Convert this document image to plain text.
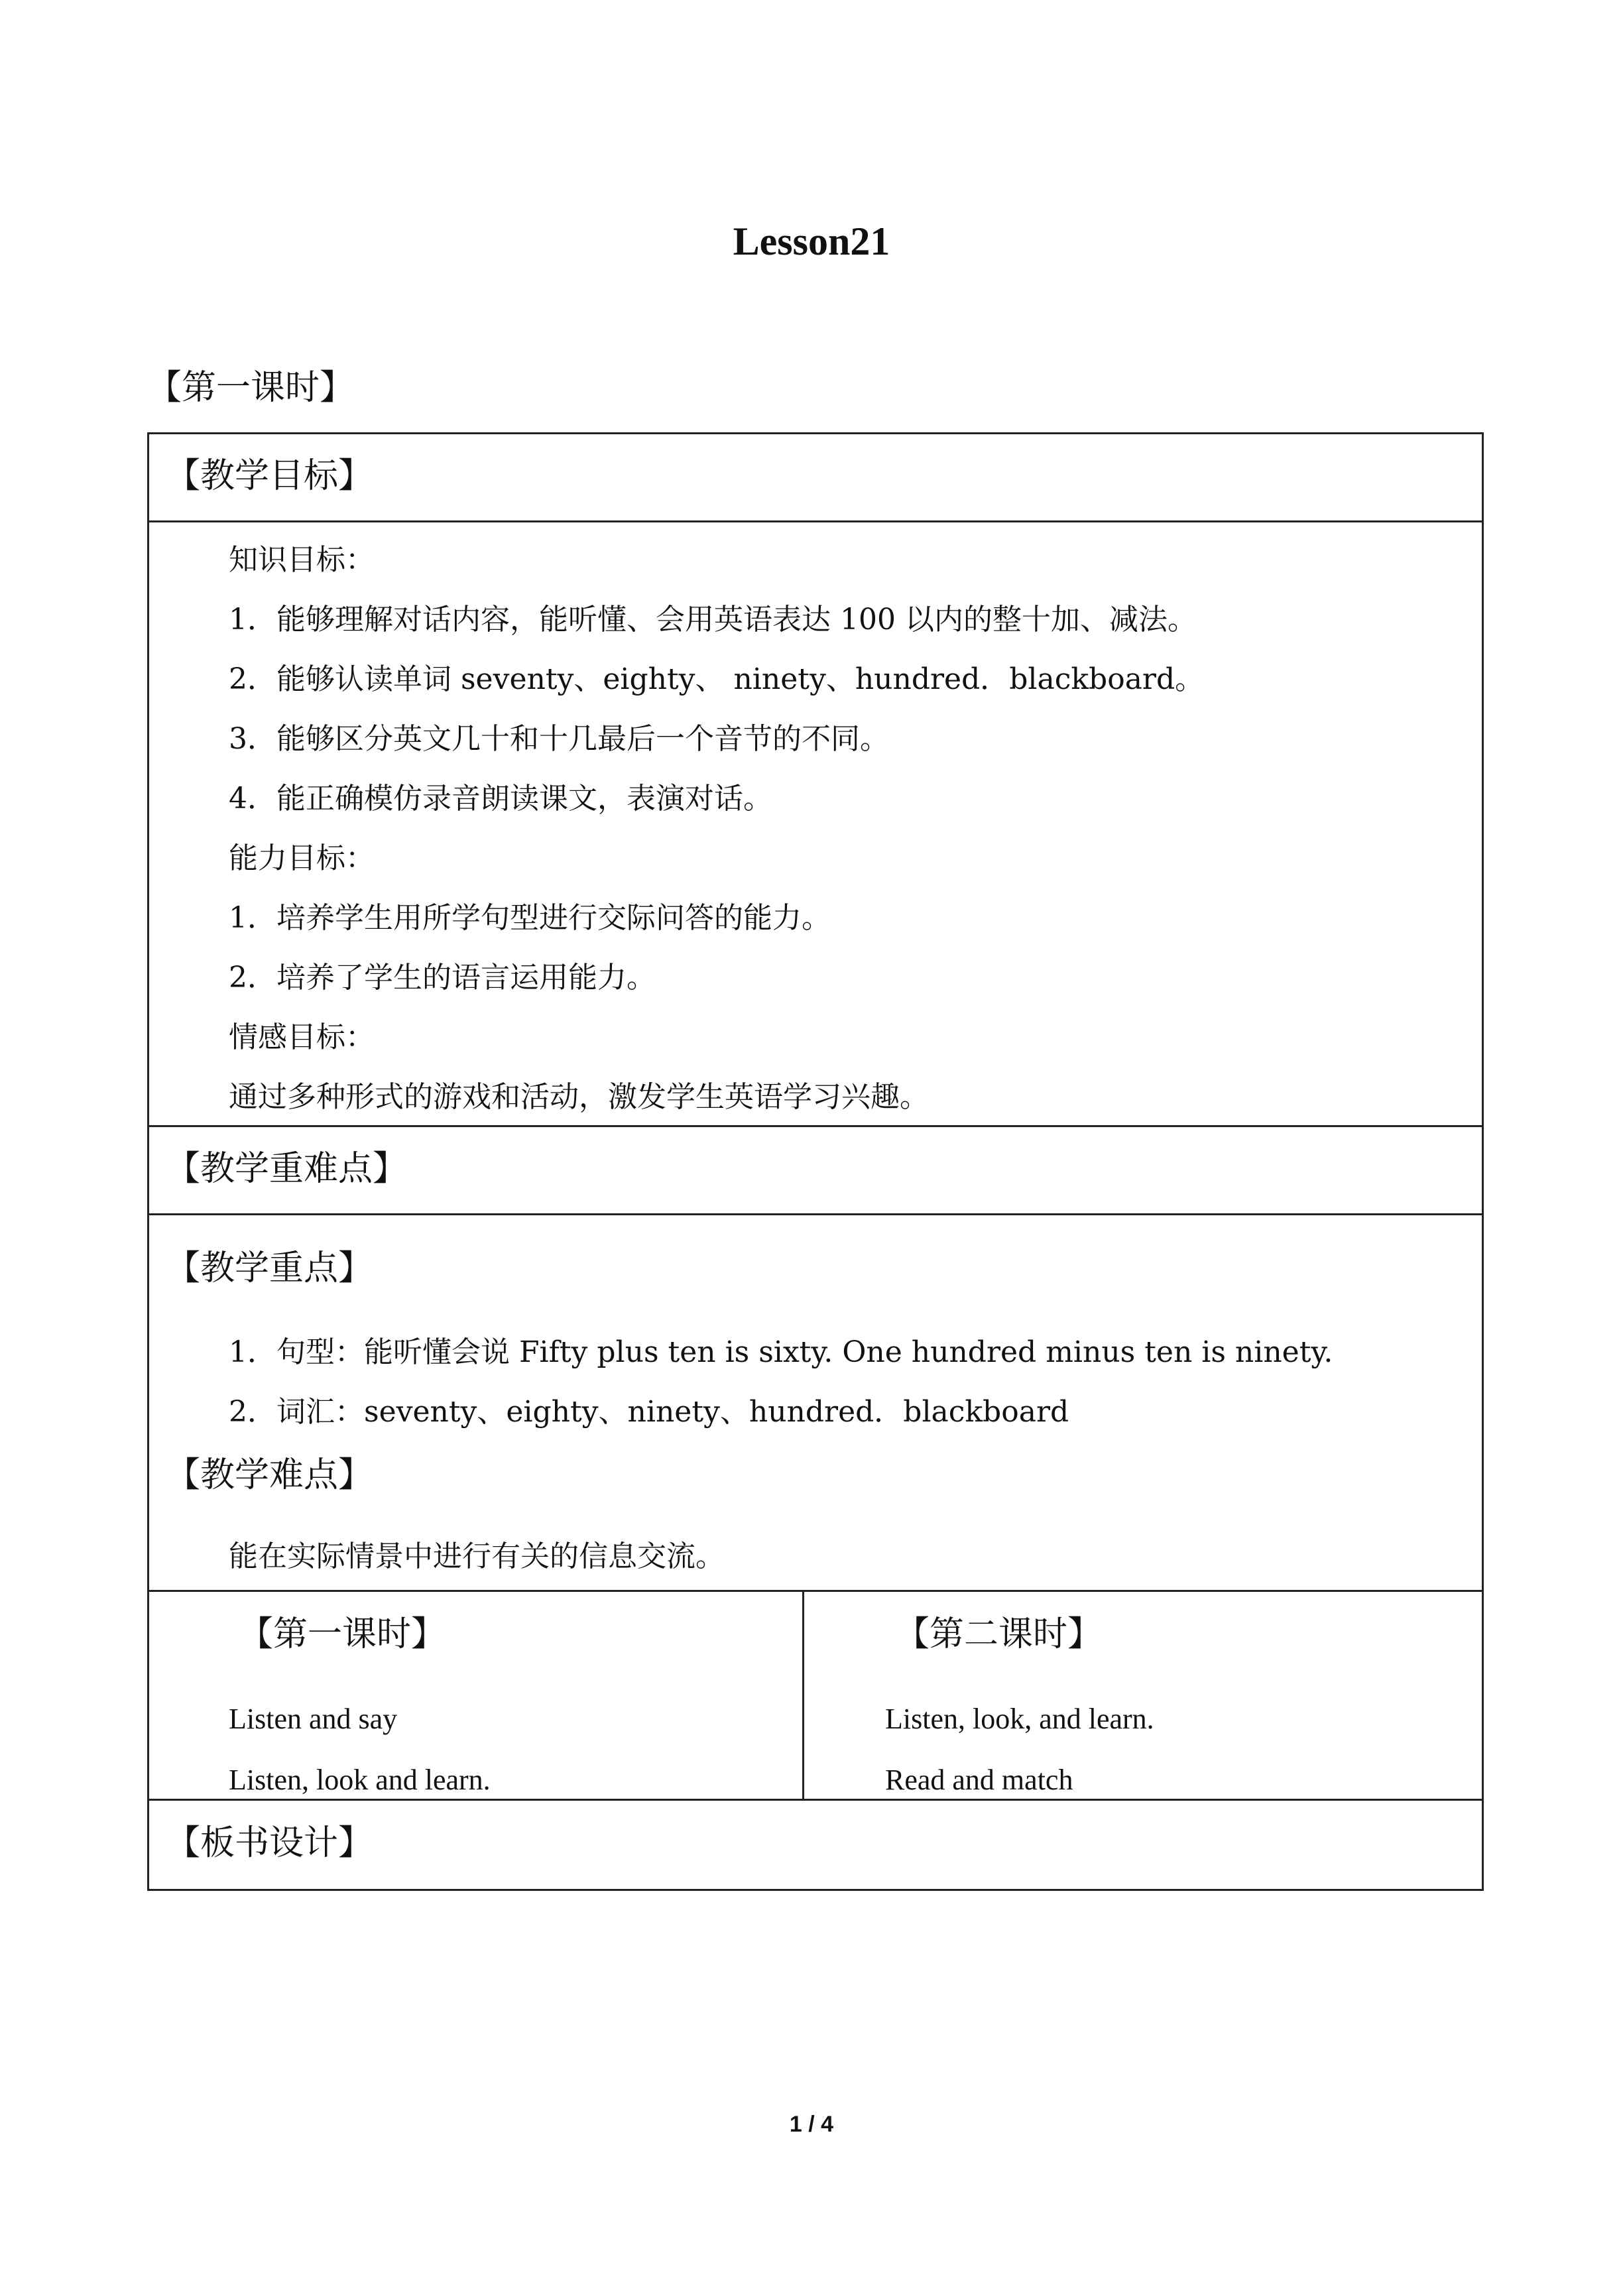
Lesson21
【第一课时】
【教学目标】
知识目标：
1．能够理解对话内容，能听懂、会用英语表达 100 以内的整十加、减法。
2．能够认读单词 seventy、eighty、 ninety、hundred．blackboard。
3．能够区分英文几十和十几最后一个音节的不同。
4．能正确模仿录音朗读课文，表演对话。
能力目标：
1．培养学生用所学句型进行交际问答的能力。
2．培养了学生的语言运用能力。
情感目标：
通过多种形式的游戏和活动，激发学生英语学习兴趣。
【教学重难点】
【教学重点】
1．句型：能听懂会说 Fifty plus ten is sixty. One hundred minus ten is ninety.
2．词汇：seventy、eighty、ninety、hundred．blackboard
【教学难点】
能在实际情景中进行有关的信息交流。
【第一课时】
Listen and say
Listen, look and learn.
【第二课时】
Listen, look, and learn.
Read and match
【板书设计】
1 / 4
